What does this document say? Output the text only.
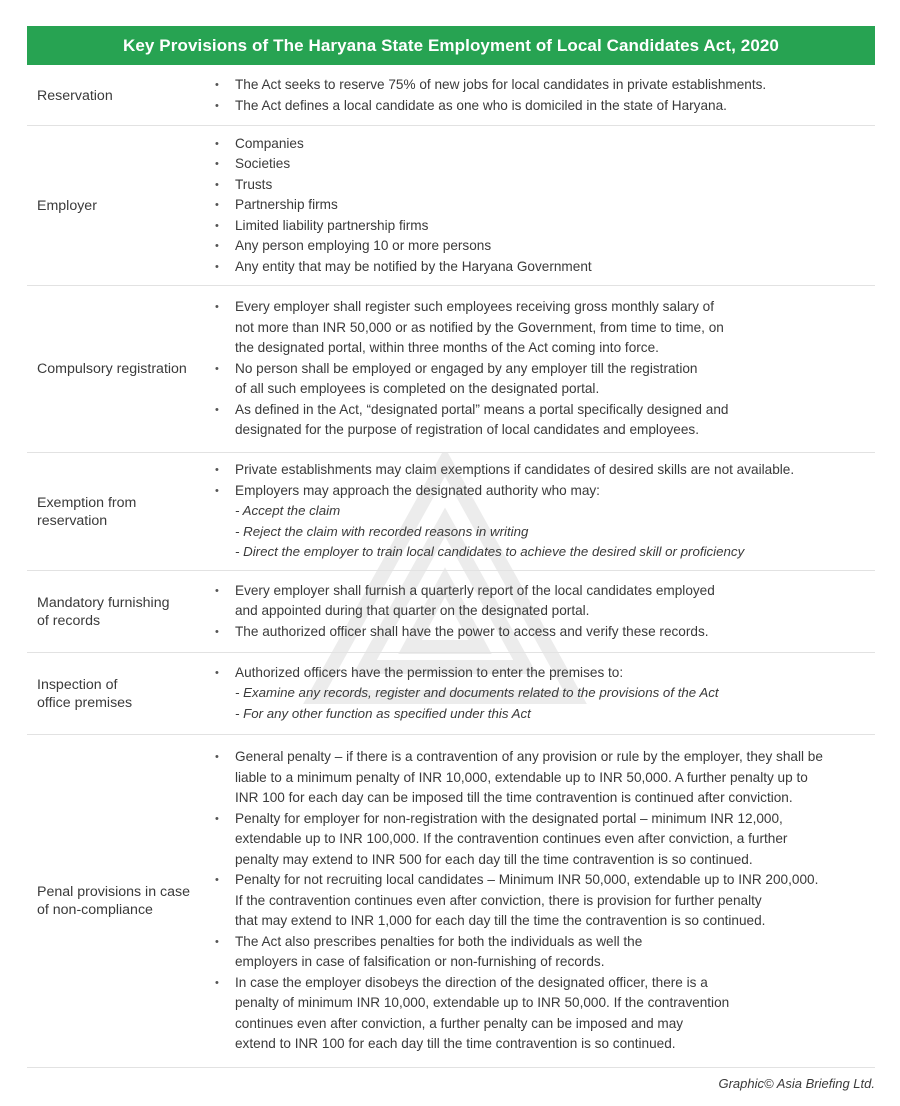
Key Provisions of The Haryana State Employment of Local Candidates Act, 2020
Reservation
• The Act seeks to reserve 75% of new jobs for local candidates in private establishments.
• The Act defines a local candidate as one who is domiciled in the state of Haryana.
Employer
• Companies
• Societies
• Trusts
• Partnership firms
• Limited liability partnership firms
• Any person employing 10 or more persons
• Any entity that may be notified by the Haryana Government
Compulsory registration
• Every employer shall register such employees receiving gross monthly salary of
not more than INR 50,000 or as notified by the Government, from time to time, on
the designated portal, within three months of the Act coming into force.
• No person shall be employed or engaged by any employer till the registration
of all such employees is completed on the designated portal.
• As defined in the Act, “designated portal” means a portal specifically designed and
designated for the purpose of registration of local candidates and employees.
Exemption from
reservation
• Private establishments may claim exemptions if candidates of desired skills are not available.
• Employers may approach the designated authority who may:
- Accept the claim
- Reject the claim with recorded reasons in writing
- Direct the employer to train local candidates to achieve the desired skill or proficiency
Mandatory furnishing
of records
• Every employer shall furnish a quarterly report of the local candidates employed
and appointed during that quarter on the designated portal.
• The authorized officer shall have the power to access and verify these records.
Inspection of
office premises
• Authorized officers have the permission to enter the premises to:
- Examine any records, register and documents related to the provisions of the Act
- For any other function as specified under this Act
Penal provisions in case
of non-compliance
• General penalty – if there is a contravention of any provision or rule by the employer, they shall be
liable to a minimum penalty of INR 10,000, extendable up to INR 50,000. A further penalty up to
INR 100 for each day can be imposed till the time contravention is continued after conviction.
• Penalty for employer for non-registration with the designated portal – minimum INR 12,000,
extendable up to INR 100,000. If the contravention continues even after conviction, a further
penalty may extend to INR 500 for each day till the time contravention is so continued.
• Penalty for not recruiting local candidates – Minimum INR 50,000, extendable up to INR 200,000.
If the contravention continues even after conviction, there is provision for further penalty
that may extend to INR 1,000 for each day till the time the contravention is so continued.
• The Act also prescribes penalties for both the individuals as well the
employers in case of falsification or non-furnishing of records.
• In case the employer disobeys the direction of the designated officer, there is a
penalty of minimum INR 10,000, extendable up to INR 50,000. If the contravention
continues even after conviction, a further penalty can be imposed and may
extend to INR 100 for each day till the time contravention is so continued.
Graphic© Asia Briefing Ltd.
